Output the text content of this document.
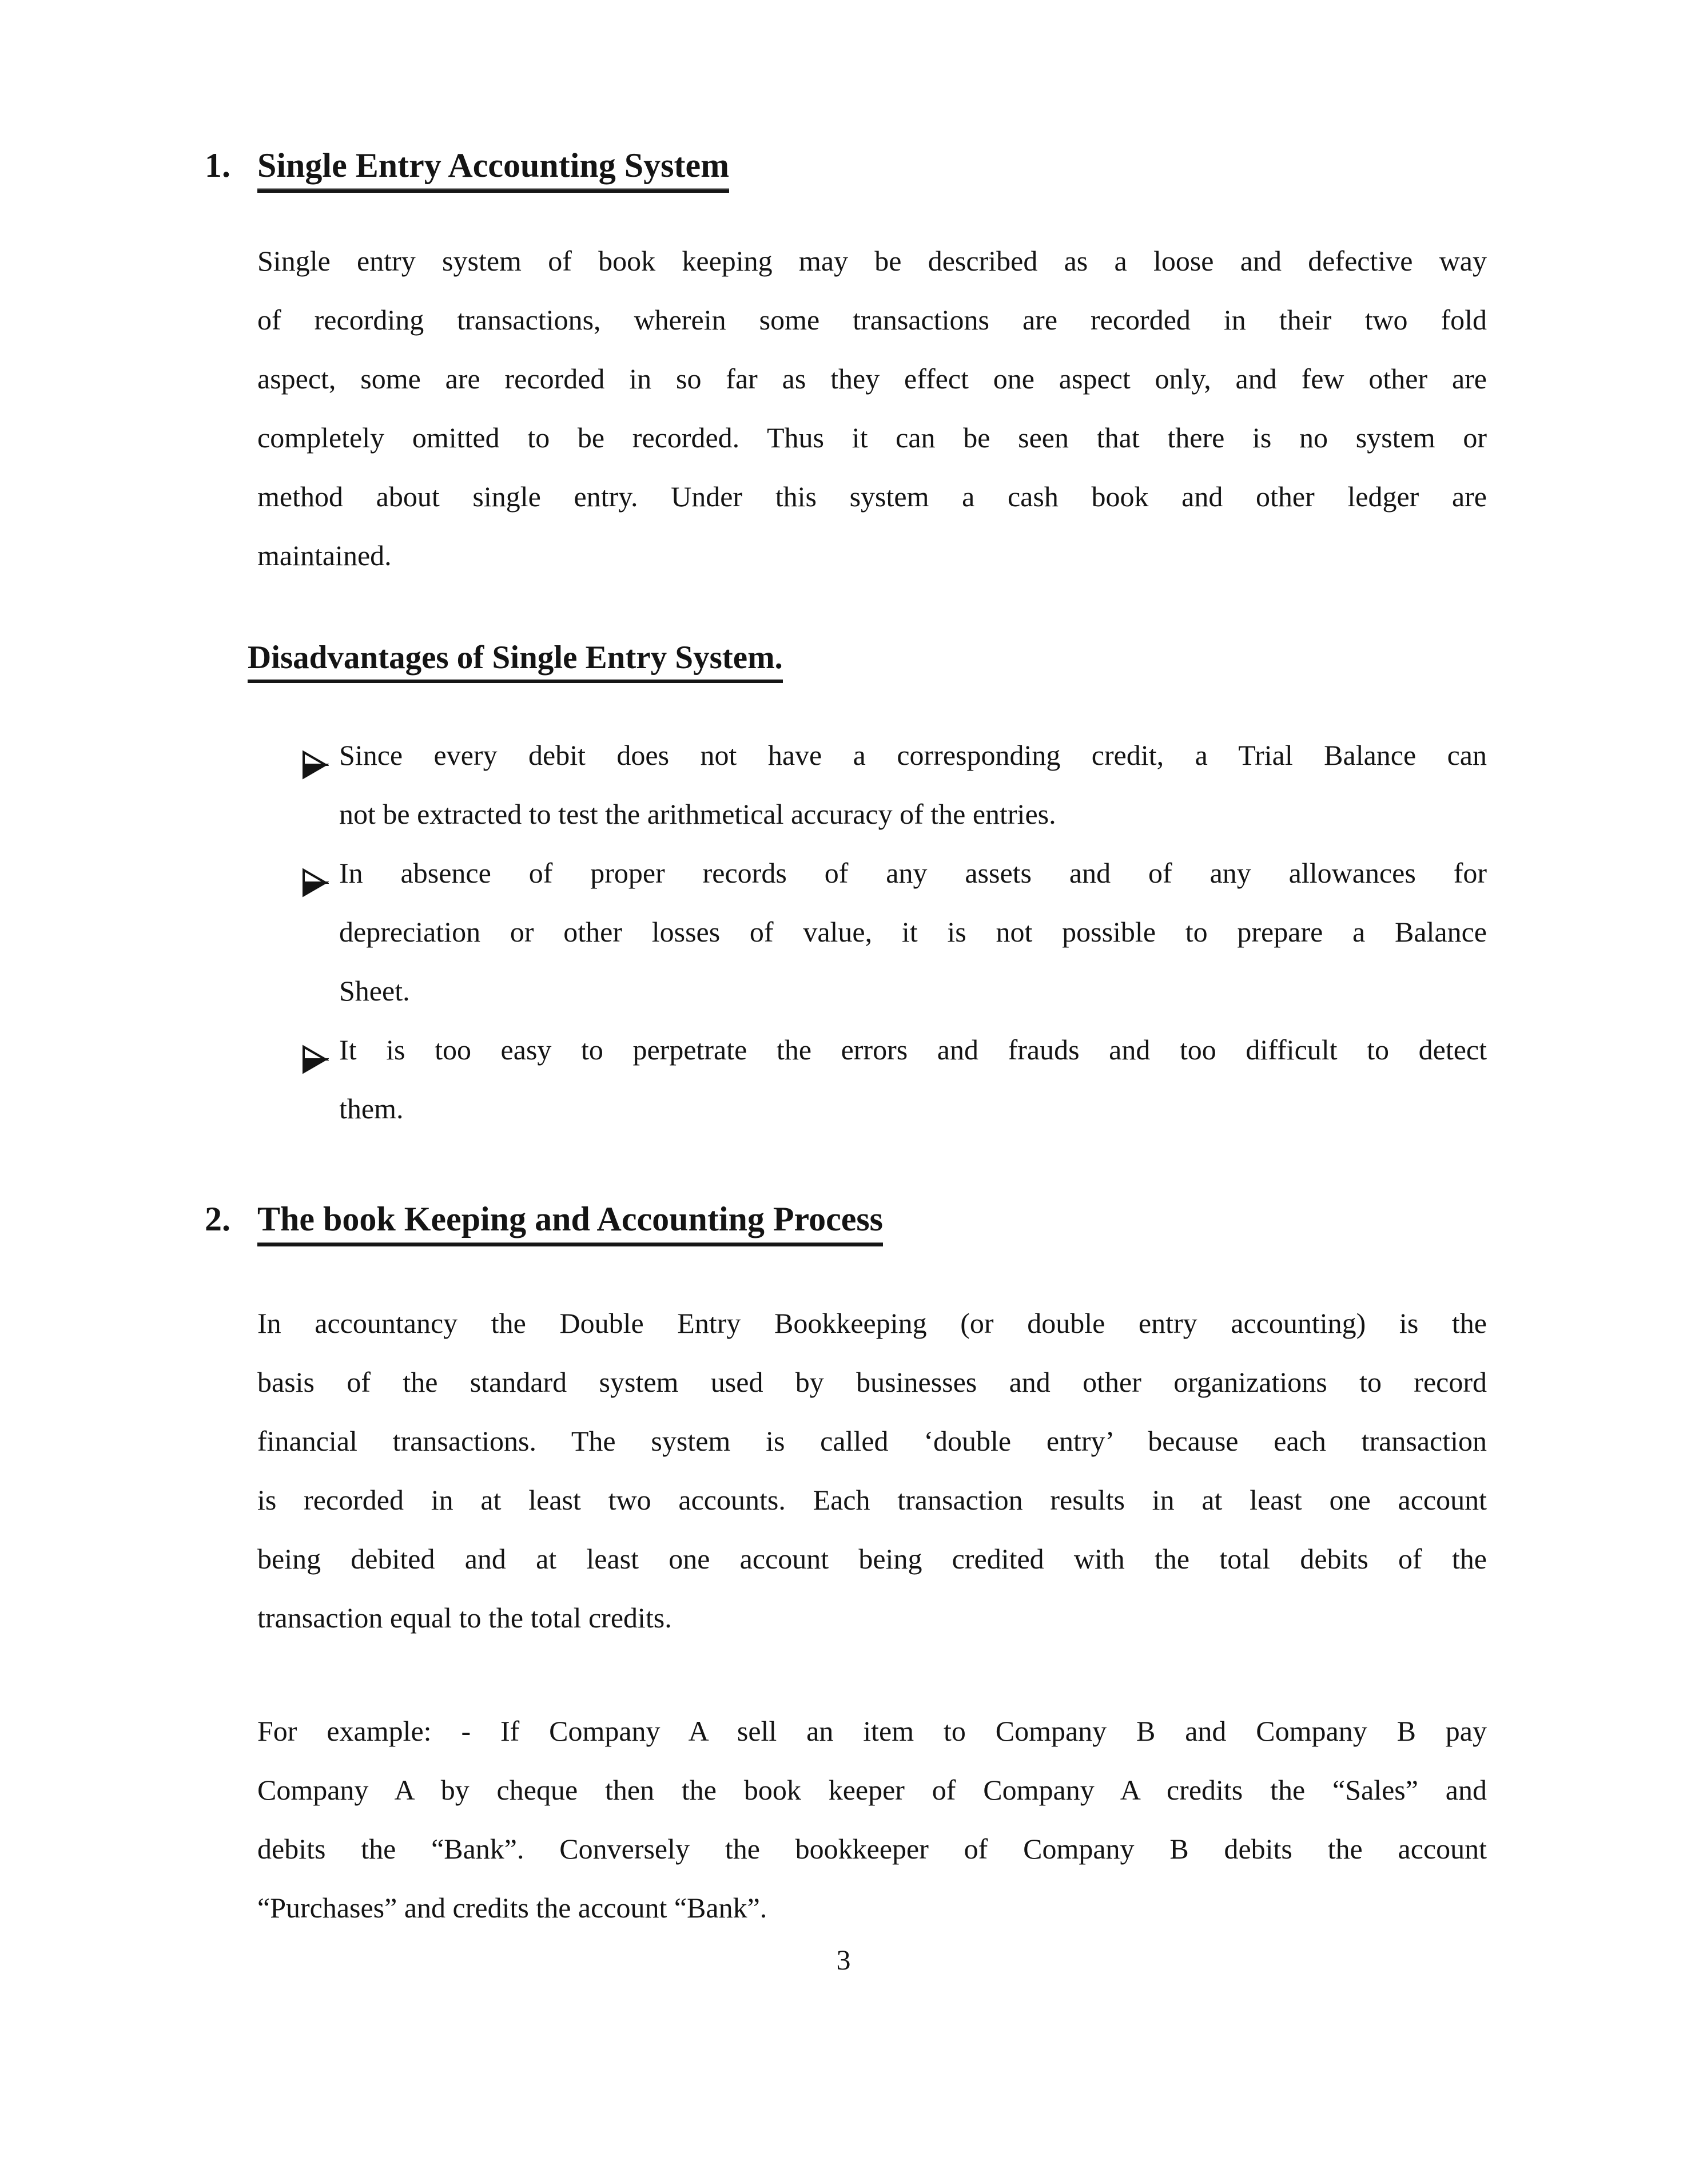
1. Single Entry Accounting System
Single entry system of book keeping may be described as a loose and defective way
of recording transactions, wherein some transactions are recorded in their two fold
aspect, some are recorded in so far as they effect one aspect only, and few other are
completely omitted to be recorded. Thus it can be seen that there is no system or
method about single entry. Under this system a cash book and other ledger are
maintained.
Disadvantages of Single Entry System.
Since every debit does not have a corresponding credit, a Trial Balance can
not be extracted to test the arithmetical accuracy of the entries.
In absence of proper records of any assets and of any allowances for
depreciation or other losses of value, it is not possible to prepare a Balance
Sheet.
It is too easy to perpetrate the errors and frauds and too difficult to detect
them.
2. The book Keeping and Accounting Process
In accountancy the Double Entry Bookkeeping (or double entry accounting) is the
basis of the standard system used by businesses and other organizations to record
financial transactions. The system is called ‘double entry’ because each transaction
is recorded in at least two accounts. Each transaction results in at least one account
being debited and at least one account being credited with the total debits of the
transaction equal to the total credits.
For example: - If Company A sell an item to Company B and Company B pay
Company A by cheque then the book keeper of Company A credits the “Sales” and
debits the “Bank”. Conversely the bookkeeper of Company B debits the account
“Purchases” and credits the account “Bank”.
3
